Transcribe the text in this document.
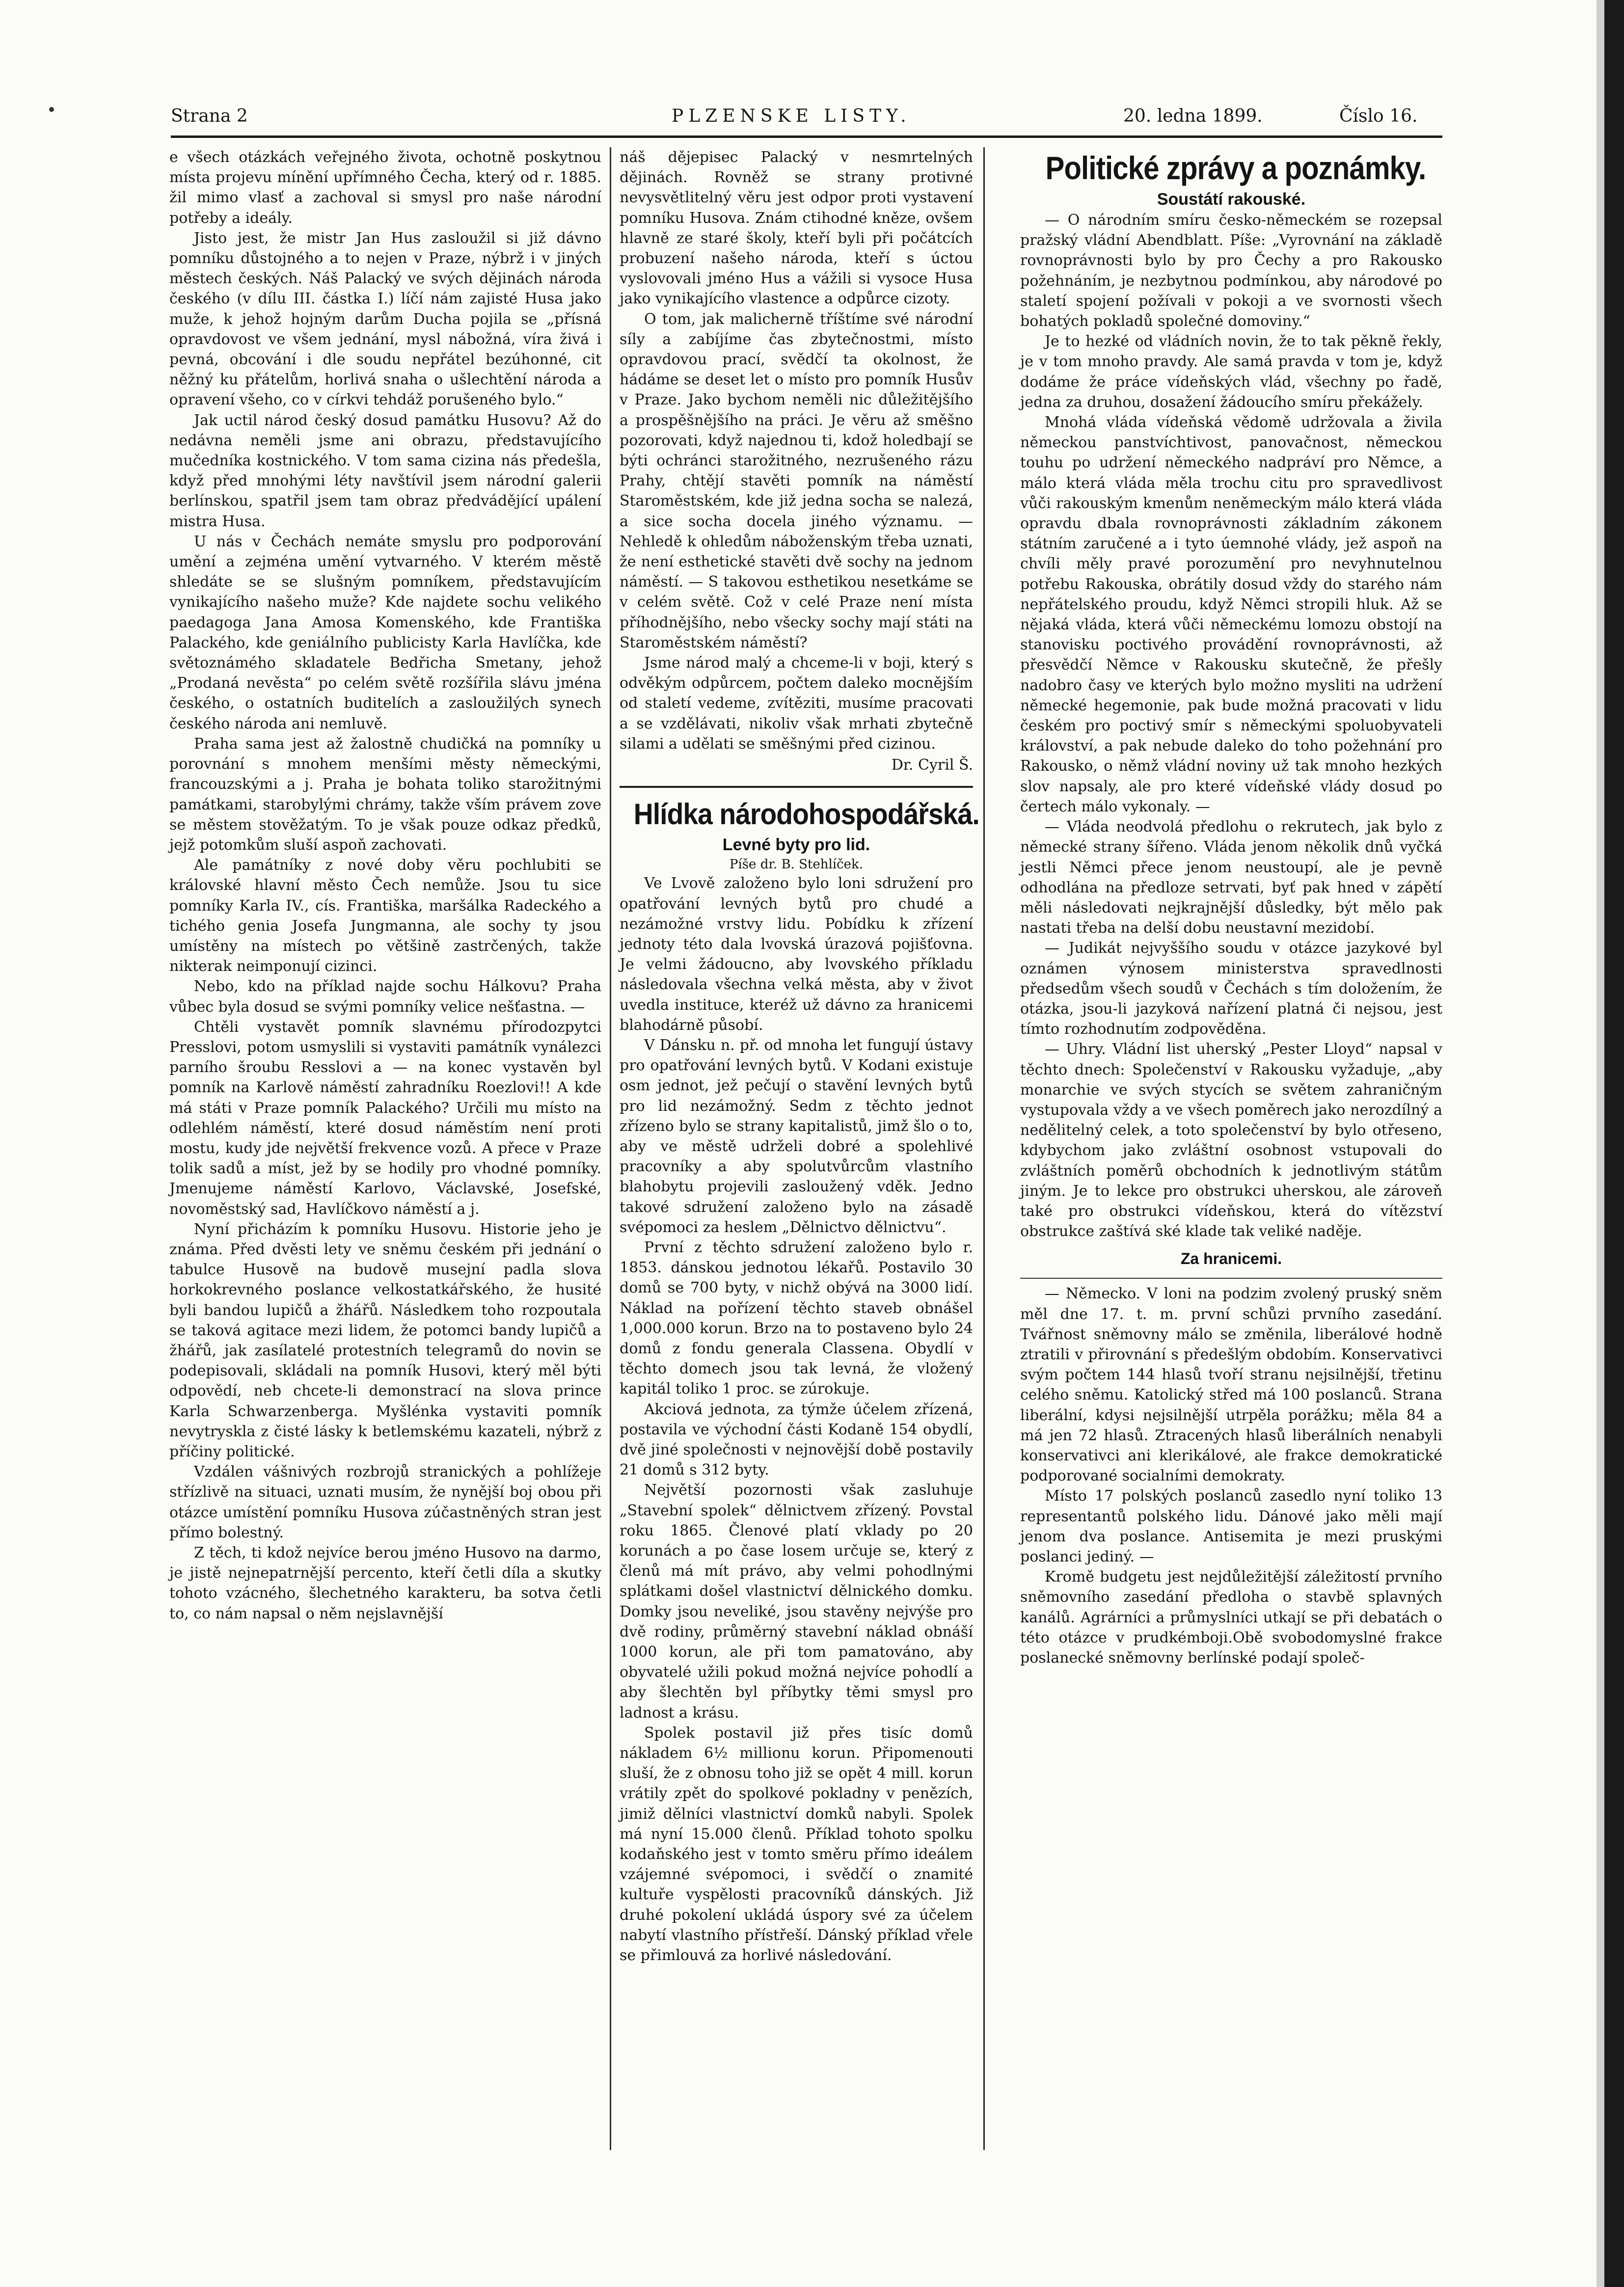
Strana 2	PLZENSKE LISTY.	20. ledna 1899.	Číslo 16.

e všech otázkách veřejného života, ochotně poskytnou místa projevu mínění upřímného Čecha, který od r. 1885. žil mimo vlasť a zachoval si smysl pro naše národní potřeby a ideály.

Jisto jest, že mistr Jan Hus zasloužil si již dávno pomníku důstojného a to nejen v Praze, nýbrž i v jiných městech českých. Náš Palacký ve svých dějinách národa českého (v dílu III. částka I.) líčí nám zajisté Husa jako muže, k jehož hojným darům Ducha pojila se „přísná opravdovost ve všem jednání, mysl nábožná, víra živá i pevná, obcování i dle soudu nepřátel bezúhonné, cit něžný ku přátelům, horlivá snaha o ušlechtění národa a opravení všeho, co v církvi tehdáž porušeného bylo.“

Jak uctil národ český dosud památku Husovu? Až do nedávna neměli jsme ani obrazu, představujícího mučedníka kostnického. V tom sama cizina nás předešla, když před mnohými léty navštívil jsem národní galerii berlínskou, spatřil jsem tam obraz předvádějící upálení mistra Husa.

U nás v Čechách nemáte smyslu pro podporování umění a zejména umění vytvarného. V kterém městě shledáte se se slušným pomníkem, představujícím vynikajícího našeho muže? Kde najdete sochu velikého paedagoga Jana Amosa Komenského, kde Františka Palackého, kde geniálního publicisty Karla Havlíčka, kde světoznámého skladatele Bedřicha Smetany, jehož „Prodaná nevěsta“ po celém světě rozšířila slávu jména českého, o ostatních buditelích a zasloužilých synech českého národa ani nemluvě.

Praha sama jest až žalostně chudičká na pomníky u porovnání s mnohem menšími městy německými, francouzskými a j. Praha je bohata toliko starožitnými památkami, starobylými chrámy, takže vším právem zove se městem stověžatým. To je však pouze odkaz předků, jejž potomkům sluší aspoň zachovati.

Ale památníky z nové doby věru pochlubiti se královské hlavní město Čech nemůže. Jsou tu sice pomníky Karla IV., cís. Františka, maršálka Radeckého a tichého genia Josefa Jungmanna, ale sochy ty jsou umístěny na místech po většině zastrčených, takže nikterak neimponují cizinci.

Nebo, kdo na příklad najde sochu Hálkovu? Praha vůbec byla dosud se svými pomníky velice nešťastna. —

Chtěli vystavět pomník slavnému přírodozpytci Presslovi, potom usmyslili si vystaviti památník vynálezci parního šroubu Resslovi a — na konec vystavěn byl pomník na Karlově náměstí zahradníku Roezlovi!! A kde má státi v Praze pomník Palackého? Určili mu místo na odlehlém náměstí, které dosud náměstím není proti mostu, kudy jde největší frekvence vozů. A přece v Praze tolik sadů a míst, jež by se hodily pro vhodné pomníky. Jmenujeme náměstí Karlovo, Václavské, Josefské, novoměstský sad, Havlíčkovo náměstí a j.

Nyní přicházím k pomníku Husovu. Historie jeho je známa. Před dvěsti lety ve sněmu českém při jednání o tabulce Husově na budově musejní padla slova horkokrevného poslance velkostatkářského, že husité byli bandou lupičů a žhářů. Následkem toho rozpoutala se taková agitace mezi lidem, že potomci bandy lupičů a žhářů, jak zasílatelé protestních telegramů do novin se podepisovali, skládali na pomník Husovi, který měl býti odpovědí, neb chcete-li demonstrací na slova prince Karla Schwarzenberga. Myšlénka vystaviti pomník nevytryskla z čisté lásky k betlemskému kazateli, nýbrž z příčiny politické.

Vzdálen vášnivých rozbrojů stranických a pohlížeje střízlivě na situaci, uznati musím, že nynější boj obou při otázce umístění pomníku Husova zúčastněných stran jest přímo bolestný.

Z těch, ti kdož nejvíce berou jméno Husovo na darmo, je jistě nejnepatrnější percento, kteří četli díla a skutky tohoto vzácného, šlechetného karakteru, ba sotva četli to, co nám napsal o něm nejslavnější

náš dějepisec Palacký v nesmrtelných dějinách. Rovněž se strany protivné nevysvětlitelný věru jest odpor proti vystavení pomníku Husova. Znám ctihodné kněze, ovšem hlavně ze staré školy, kteří byli při počátcích probuzení našeho národa, kteří s úctou vyslovovali jméno Hus a vážili si vysoce Husa jako vynikajícího vlastence a odpůrce cizoty.

O tom, jak malicherně tříštíme své národní síly a zabíjíme čas zbytečnostmi, místo opravdovou prací, svědčí ta okolnost, že hádáme se deset let o místo pro pomník Husův v Praze. Jako bychom neměli nic důležitějšího a prospěšnějšího na práci. Je věru až směšno pozorovati, když najednou ti, kdož holedbají se býti ochránci starožitného, nezrušeného rázu Prahy, chtějí stavěti pomník na náměstí Staroměstském, kde již jedna socha se nalezá, a sice socha docela jiného významu. — Nehledě k ohledům náboženským třeba uznati, že není esthetické stavěti dvě sochy na jednom náměstí. — S takovou esthetikou nesetkáme se v celém světě. Což v celé Praze není místa příhodnějšího, nebo všecky sochy mají státi na Staroměstském náměstí?

Jsme národ malý a chceme-li v boji, který s odvěkým odpůrcem, počtem daleko mocnějším od staletí vedeme, zvítěziti, musíme pracovati a se vzdělávati, nikoliv však mrhati zbytečně silami a udělati se směšnými před cizinou.

Dr. Cyril Š.
Hlídka národohospodářská.
Levné byty pro lid.
Píše dr. B. Stehlíček.

Ve Lvově založeno bylo loni sdružení pro opatřování levných bytů pro chudé a nezámožné vrstvy lidu. Pobídku k zřízení jednoty této dala lvovská úrazová pojišťovna. Je velmi žádoucno, aby lvovského příkladu následovala všechna velká města, aby v život uvedla instituce, kteréž už dávno za hranicemi blahodárně působí.

V Dánsku n. př. od mnoha let fungují ústavy pro opatřování levných bytů. V Kodani existuje osm jednot, jež pečují o stavění levných bytů pro lid nezámožný. Sedm z těchto jednot zřízeno bylo se strany kapitalistů, jimž šlo o to, aby ve městě udrželi dobré a spolehlivé pracovníky a aby spolutvůrcům vlastního blahobytu projevili zasloužený vděk. Jedno takové sdružení založeno bylo na zásadě svépomoci za heslem „Dělnictvo dělnictvu“.

První z těchto sdružení založeno bylo r. 1853. dánskou jednotou lékařů. Postavilo 30 domů se 700 byty, v nichž obývá na 3000 lidí. Náklad na pořízení těchto staveb obnášel 1,000.000 korun. Brzo na to postaveno bylo 24 domů z fondu generala Classena. Obydlí v těchto domech jsou tak levná, že vložený kapitál toliko 1 proc. se zúrokuje.

Akciová jednota, za týmže účelem zřízená, postavila ve východní části Kodaně 154 obydlí, dvě jiné společnosti v nejnovější době postavily 21 domů s 312 byty.

Největší pozornosti však zasluhuje „Stavební spolek“ dělnictvem zřízený. Povstal roku 1865. Členové platí vklady po 20 korunách a po čase losem určuje se, který z členů má mít právo, aby velmi pohodlnými splátkami došel vlastnictví dělnického domku. Domky jsou neveliké, jsou stavěny nejvýše pro dvě rodiny, průměrný stavební náklad obnáší 1000 korun, ale při tom pamatováno, aby obyvatelé užili pokud možná nejvíce pohodlí a aby šlechtěn byl příbytky těmi smysl pro ladnost a krásu.

Spolek postavil již přes tisíc domů nákladem 6½ millionu korun. Připomenouti sluší, že z obnosu toho již se opět 4 mill. korun vrátily zpět do spolkové pokladny v penězích, jimiž dělníci vlastnictví domků nabyli. Spolek má nyní 15.000 členů. Příklad tohoto spolku kodaňského jest v tomto směru přímo ideálem vzájemné svépomoci, i svědčí o znamité kultuře vyspělosti pracovníků dánských. Již druhé pokolení ukládá úspory své za účelem nabytí vlastního přístřeší. Dánský příklad vřele se přimlouvá za horlivé následování.

Politické zprávy a poznámky.
Soustátí rakouské.

— O národním smíru česko-německém se rozepsal pražský vládní Abendblatt. Píše: „Vyrovnání na základě rovnoprávnosti bylo by pro Čechy a pro Rakousko požehnáním, je nezbytnou podmínkou, aby národové po staletí spojení požívali v pokoji a ve svornosti všech bohatých pokladů společné domoviny.“

Je to hezké od vládních novin, že to tak pěkně řekly, je v tom mnoho pravdy. Ale samá pravda v tom je, když dodáme že práce vídeňských vlád, všechny po řadě, jedna za druhou, dosažení žádoucího smíru překážely.

Mnohá vláda vídeňská vědomě udržovala a živila německou panstvíchtivost, panovačnost, německou touhu po udržení německého nadpráví pro Němce, a málo která vláda měla trochu citu pro spravedlivost vůči rakouským kmenům neněmeckým málo která vláda opravdu dbala rovnoprávnosti základním zákonem státním zaručené a i tyto úemnohé vlády, jež aspoň na chvíli měly pravé porozumění pro nevyhnutelnou potřebu Rakouska, obrátily dosud vždy do starého nám nepřátelského proudu, když Němci stropili hluk. Až se nějaká vláda, která vůči německému lomozu obstojí na stanovisku poctivého provádění rovnoprávnosti, až přesvědčí Němce v Rakousku skutečně, že přešly nadobro časy ve kterých bylo možno mysliti na udržení německé hegemonie, pak bude možná pracovati v lidu českém pro poctivý smír s německými spoluobyvateli království, a pak nebude daleko do toho požehnání pro Rakousko, o němž vládní noviny už tak mnoho hezkých slov napsaly, ale pro které vídeňské vlády dosud po čertech málo vykonaly. —

— Vláda neodvolá předlohu o rekrutech, jak bylo z německé strany šířeno. Vláda jenom několik dnů vyčká jestli Němci přece jenom neustoupí, ale je pevně odhodlána na předloze setrvati, byť pak hned v zápětí měli následovati nejkrajnější důsledky, být mělo pak nastati třeba na delší dobu neustavní mezidobí.

— Judikát nejvyššího soudu v otázce jazykové byl oznámen výnosem ministerstva spravedlnosti předsedům všech soudů v Čechách s tím doložením, že otázka, jsou-li jazyková nařízení platná či nejsou, jest tímto rozhodnutím zodpověděna.

— Uhry. Vládní list uherský „Pester Lloyd“ napsal v těchto dnech: Společenství v Rakousku vyžaduje, „aby monarchie ve svých stycích se světem zahraničným vystupovala vždy a ve všech poměrech jako nerozdílný a nedělitelný celek, a toto společenství by bylo otřeseno, kdybychom jako zvláštní osobnost vstupovali do zvláštních poměrů obchodních k jednotlivým státům jiným. Je to lekce pro obstrukci uherskou, ale zároveň také pro obstrukci vídeňskou, která do vítězství obstrukce zaštívá ské klade tak veliké naděje.

Za hranicemi.

— Německo. V loni na podzim zvolený pruský sněm měl dne 17. t. m. první schůzi prvního zasedání. Tvářnost sněmovny málo se změnila, liberálové hodně ztratili v přirovnání s předešlým obdobím. Konservativci svým počtem 144 hlasů tvoří stranu nejsilnější, třetinu celého sněmu. Katolický střed má 100 poslanců. Strana liberální, kdysi nejsilnější utrpěla porážku; měla 84 a má jen 72 hlasů. Ztracených hlasů liberálních nenabyli konservativci ani klerikálové, ale frakce demokratické podporované socialními demokraty.

Místo 17 polských poslanců zasedlo nyní toliko 13 representantů polského lidu. Dánové jako měli mají jenom dva poslance. Antisemita je mezi pruskými poslanci jediný. —

Kromě budgetu jest nejdůležitější záležitostí prvního sněmovního zasedání předloha o stavbě splavných kanálů. Agrárníci a průmyslníci utkají se při debatách o této otázce v prudkémboji.Obě svobodomyslné frakce poslanecké sněmovny berlínské podají společ-
